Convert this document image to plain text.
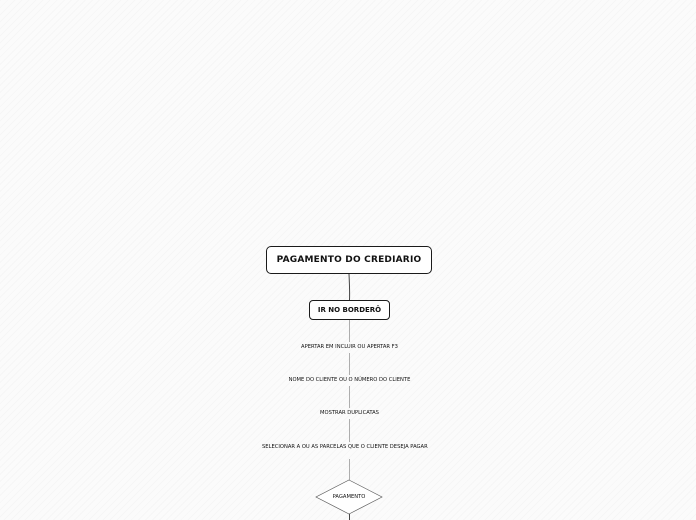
PAGAMENTO DO CREDIARIO
IR NO BORDERÔ
APERTAR EM INCLUIR OU APERTAR F3
NOME DO CLIENTE OU O NÚMERO DO CLIENTE
MOSTRAR DUPLICATAS
SELECIONAR A OU AS PARCELAS QUE O CLIENTE DESEJA PAGAR
PAGAMENTO
